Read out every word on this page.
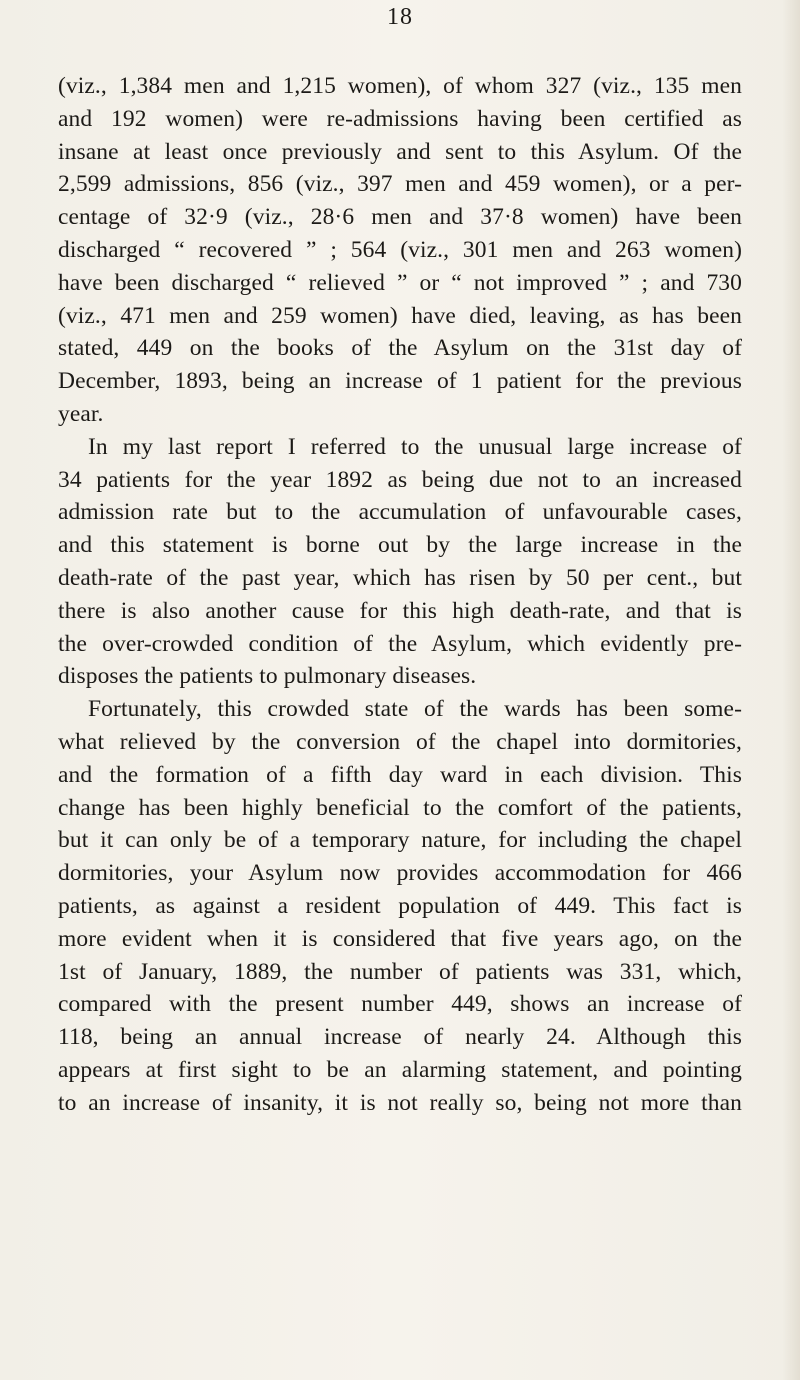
18
(viz., 1,384 men and 1,215 women), of whom 327 (viz., 135 men
and 192 women) were re-admissions having been certified as
insane at least once previously and sent to this Asylum. Of the
2,599 admissions, 856 (viz., 397 men and 459 women), or a per-
centage of 32·9 (viz., 28·6 men and 37·8 women) have been
discharged “ recovered ” ; 564 (viz., 301 men and 263 women)
have been discharged “ relieved ” or “ not improved ” ; and 730
(viz., 471 men and 259 women) have died, leaving, as has been
stated, 449 on the books of the Asylum on the 31st day of
December, 1893, being an increase of 1 patient for the previous
year.
In my last report I referred to the unusual large increase of
34 patients for the year 1892 as being due not to an increased
admission rate but to the accumulation of unfavourable cases,
and this statement is borne out by the large increase in the
death-rate of the past year, which has risen by 50 per cent., but
there is also another cause for this high death-rate, and that is
the over-crowded condition of the Asylum, which evidently pre-
disposes the patients to pulmonary diseases.
Fortunately, this crowded state of the wards has been some-
what relieved by the conversion of the chapel into dormitories,
and the formation of a fifth day ward in each division. This
change has been highly beneficial to the comfort of the patients,
but it can only be of a temporary nature, for including the chapel
dormitories, your Asylum now provides accommodation for 466
patients, as against a resident population of 449. This fact is
more evident when it is considered that five years ago, on the
1st of January, 1889, the number of patients was 331, which,
compared with the present number 449, shows an increase of
118, being an annual increase of nearly 24. Although this
appears at first sight to be an alarming statement, and pointing
to an increase of insanity, it is not really so, being not more than
